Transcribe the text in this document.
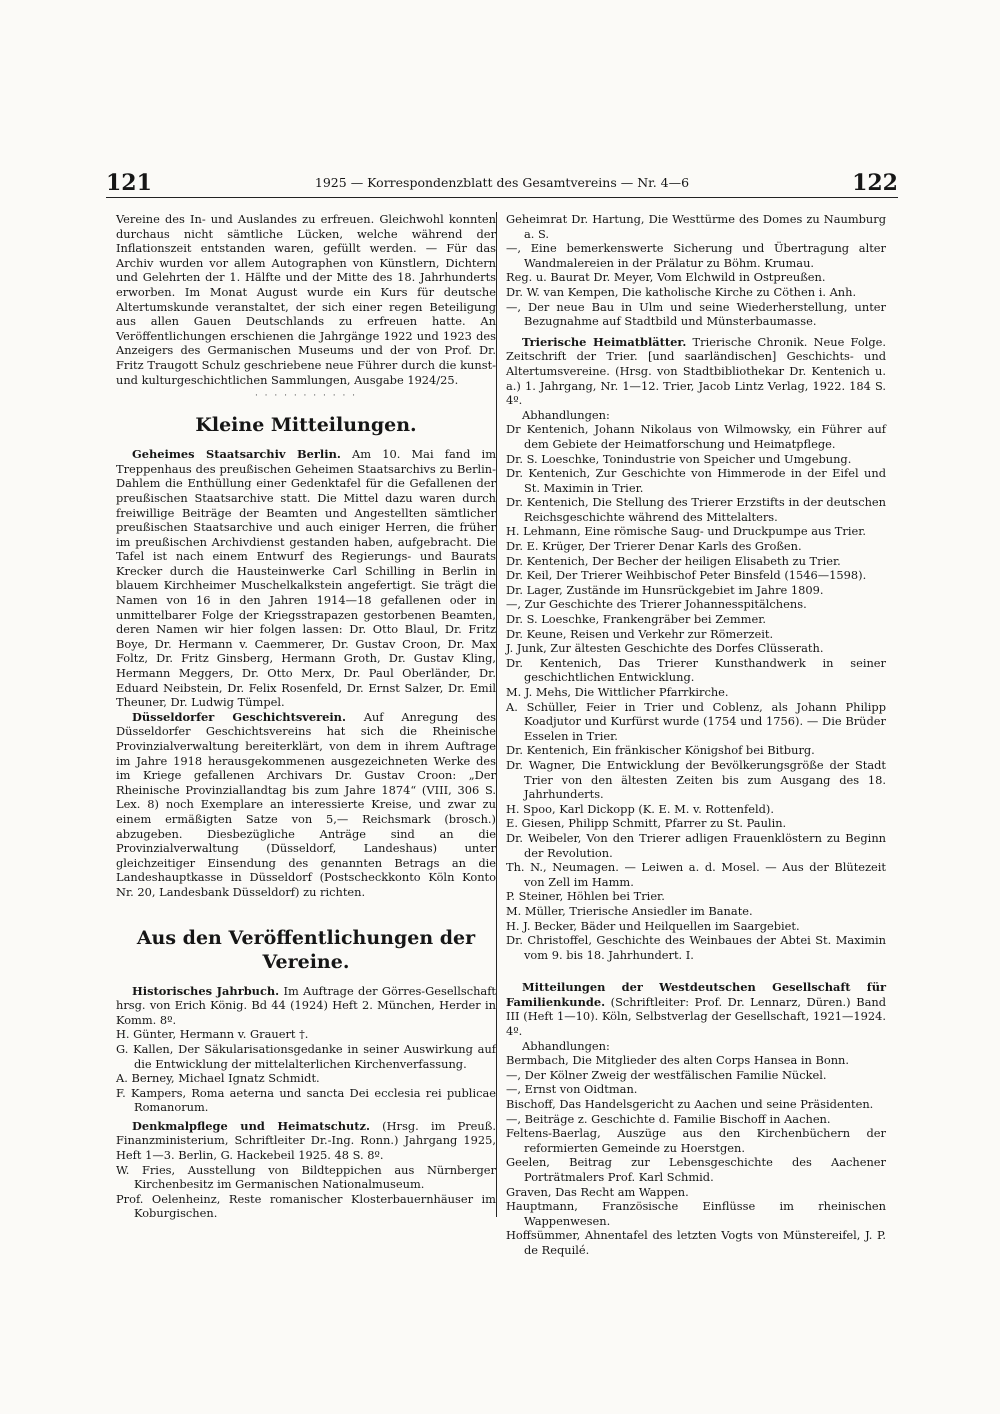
121	1925 — Korrespondenzblatt des Gesamtvereins — Nr. 4—6	122

Vereine des In- und Auslandes zu erfreuen. Gleichwohl konnten durchaus nicht sämtliche Lücken, welche während der Inflationszeit entstanden waren, gefüllt werden. — Für das Archiv wurden vor allem Autographen von Künstlern, Dichtern und Gelehrten der 1. Hälfte und der Mitte des 18. Jahrhunderts erworben. Im Monat August wurde ein Kurs für deutsche Altertumskunde veranstaltet, der sich einer regen Beteiligung aus allen Gauen Deutschlands zu erfreuen hatte. An Veröffentlichungen erschienen die Jahrgänge 1922 und 1923 des Anzeigers des Germanischen Museums und der von Prof. Dr. Fritz Traugott Schulz geschriebene neue Führer durch die kunst- und kulturgeschichtlichen Sammlungen, Ausgabe 1924/25.

· · · · · · · · · · ·
Kleine Mitteilungen.

Geheimes Staatsarchiv Berlin. Am 10. Mai fand im Treppenhaus des preußischen Geheimen Staatsarchivs zu Berlin-Dahlem die Enthüllung einer Gedenktafel für die Gefallenen der preußischen Staatsarchive statt. Die Mittel dazu waren durch freiwillige Beiträge der Beamten und Angestellten sämtlicher preußischen Staatsarchive und auch einiger Herren, die früher im preußischen Archivdienst gestanden haben, aufgebracht. Die Tafel ist nach einem Entwurf des Regierungs- und Baurats Krecker durch die Hausteinwerke Carl Schilling in Berlin in blauem Kirchheimer Muschelkalkstein angefertigt. Sie trägt die Namen von 16 in den Jahren 1914—18 gefallenen oder in unmittelbarer Folge der Kriegsstrapazen gestorbenen Beamten, deren Namen wir hier folgen lassen: Dr. Otto Blaul, Dr. Fritz Boye, Dr. Hermann v. Caemmerer, Dr. Gustav Croon, Dr. Max Foltz, Dr. Fritz Ginsberg, Hermann Groth, Dr. Gustav Kling, Hermann Meggers, Dr. Otto Merx, Dr. Paul Oberländer, Dr. Eduard Neibstein, Dr. Felix Rosenfeld, Dr. Ernst Salzer, Dr. Emil Theuner, Dr. Ludwig Tümpel.

Düsseldorfer Geschichtsverein. Auf Anregung des Düsseldorfer Geschichtsvereins hat sich die Rheinische Provinzialverwaltung bereiterklärt, von dem in ihrem Auftrage im Jahre 1918 herausgekommenen ausgezeichneten Werke des im Kriege gefallenen Archivars Dr. Gustav Croon: „Der Rheinische Provinziallandtag bis zum Jahre 1874“ (VIII, 306 S. Lex. 8) noch Exemplare an interessierte Kreise, und zwar zu einem ermäßigten Satze von 5,— Reichsmark (brosch.) abzugeben. Diesbezügliche Anträge sind an die Provinzialverwaltung (Düsseldorf, Landeshaus) unter gleichzeitiger Einsendung des genannten Betrags an die Landeshauptkasse in Düsseldorf (Postscheckkonto Köln Konto Nr. 20, Landesbank Düsseldorf) zu richten.

Aus den Veröffentlichungen der Vereine.

Historisches Jahrbuch. Im Auftrage der Görres-Gesellschaft hrsg. von Erich König. Bd 44 (1924) Heft 2. München, Herder in Komm. 8º.

H. Günter, Hermann v. Grauert †.

G. Kallen, Der Säkularisationsgedanke in seiner Auswirkung auf die Entwicklung der mittelalterlichen Kirchenverfassung.

A. Berney, Michael Ignatz Schmidt.

F. Kampers, Roma aeterna und sancta Dei ecclesia rei publicae Romanorum.

Denkmalpflege und Heimatschutz. (Hrsg. im Preuß. Finanzministerium, Schriftleiter Dr.-Ing. Ronn.) Jahrgang 1925, Heft 1—3. Berlin, G. Hackebeil 1925. 48 S. 8º.

W. Fries, Ausstellung von Bildteppichen aus Nürnberger Kirchenbesitz im Germanischen Nationalmuseum.

Prof. Oelenheinz, Reste romanischer Klosterbauernhäuser im Koburgischen.

Geheimrat Dr. Hartung, Die Westtürme des Domes zu Naumburg a. S.

—, Eine bemerkenswerte Sicherung und Übertragung alter Wandmalereien in der Prälatur zu Böhm. Krumau.

Reg. u. Baurat Dr. Meyer, Vom Elchwild in Ostpreußen.

Dr. W. van Kempen, Die katholische Kirche zu Cöthen i. Anh.

—, Der neue Bau in Ulm und seine Wiederherstellung, unter Bezugnahme auf Stadtbild und Münsterbaumasse.

Trierische Heimatblätter. Trierische Chronik. Neue Folge. Zeitschrift der Trier. [und saarländischen] Geschichts- und Altertumsvereine. (Hrsg. von Stadtbibliothekar Dr. Kentenich u. a.) 1. Jahrgang, Nr. 1—12. Trier, Jacob Lintz Verlag, 1922. 184 S. 4º.

Abhandlungen:

Dr Kentenich, Johann Nikolaus von Wilmowsky, ein Führer auf dem Gebiete der Heimatforschung und Heimatpflege.

Dr. S. Loeschke, Tonindustrie von Speicher und Umgebung.

Dr. Kentenich, Zur Geschichte von Himmerode in der Eifel und St. Maximin in Trier.

Dr. Kentenich, Die Stellung des Trierer Erzstifts in der deutschen Reichsgeschichte während des Mittelalters.

H. Lehmann, Eine römische Saug- und Druckpumpe aus Trier.

Dr. E. Krüger, Der Trierer Denar Karls des Großen.

Dr. Kentenich, Der Becher der heiligen Elisabeth zu Trier.

Dr. Keil, Der Trierer Weihbischof Peter Binsfeld (1546—1598).

Dr. Lager, Zustände im Hunsrückgebiet im Jahre 1809.

—, Zur Geschichte des Trierer Johannesspitälchens.

Dr. S. Loeschke, Frankengräber bei Zemmer.

Dr. Keune, Reisen und Verkehr zur Römerzeit.

J. Junk, Zur ältesten Geschichte des Dorfes Clüsserath.

Dr. Kentenich, Das Trierer Kunsthandwerk in seiner geschichtlichen Entwicklung.

M. J. Mehs, Die Wittlicher Pfarrkirche.

A. Schüller, Feier in Trier und Coblenz, als Johann Philipp Koadjutor und Kurfürst wurde (1754 und 1756). — Die Brüder Esselen in Trier.

Dr. Kentenich, Ein fränkischer Königshof bei Bitburg.

Dr. Wagner, Die Entwicklung der Bevölkerungsgröße der Stadt Trier von den ältesten Zeiten bis zum Ausgang des 18. Jahrhunderts.

H. Spoo, Karl Dickopp (K. E. M. v. Rottenfeld).

E. Giesen, Philipp Schmitt, Pfarrer zu St. Paulin.

Dr. Weibeler, Von den Trierer adligen Frauenklöstern zu Beginn der Revolution.

Th. N., Neumagen. — Leiwen a. d. Mosel. — Aus der Blütezeit von Zell im Hamm.

P. Steiner, Höhlen bei Trier.

M. Müller, Trierische Ansiedler im Banate.

H. J. Becker, Bäder und Heilquellen im Saargebiet.

Dr. Christoffel, Geschichte des Weinbaues der Abtei St. Maximin vom 9. bis 18. Jahrhundert. I.

Mitteilungen der Westdeutschen Gesellschaft für Familienkunde. (Schriftleiter: Prof. Dr. Lennarz, Düren.) Band III (Heft 1—10). Köln, Selbstverlag der Gesellschaft, 1921—1924. 4º.

Abhandlungen:

Bermbach, Die Mitglieder des alten Corps Hansea in Bonn.

—, Der Kölner Zweig der westfälischen Familie Nückel.

—, Ernst von Oidtman.

Bischoff, Das Handelsgericht zu Aachen und seine Präsidenten.

—, Beiträge z. Geschichte d. Familie Bischoff in Aachen.

Feltens-Baerlag, Auszüge aus den Kirchenbüchern der reformierten Gemeinde zu Hoerstgen.

Geelen, Beitrag zur Lebensgeschichte des Aachener Porträtmalers Prof. Karl Schmid.

Graven, Das Recht am Wappen.

Hauptmann, Französische Einflüsse im rheinischen Wappenwesen.

Hoffsümmer, Ahnentafel des letzten Vogts von Münstereifel, J. P. de Requilé.
